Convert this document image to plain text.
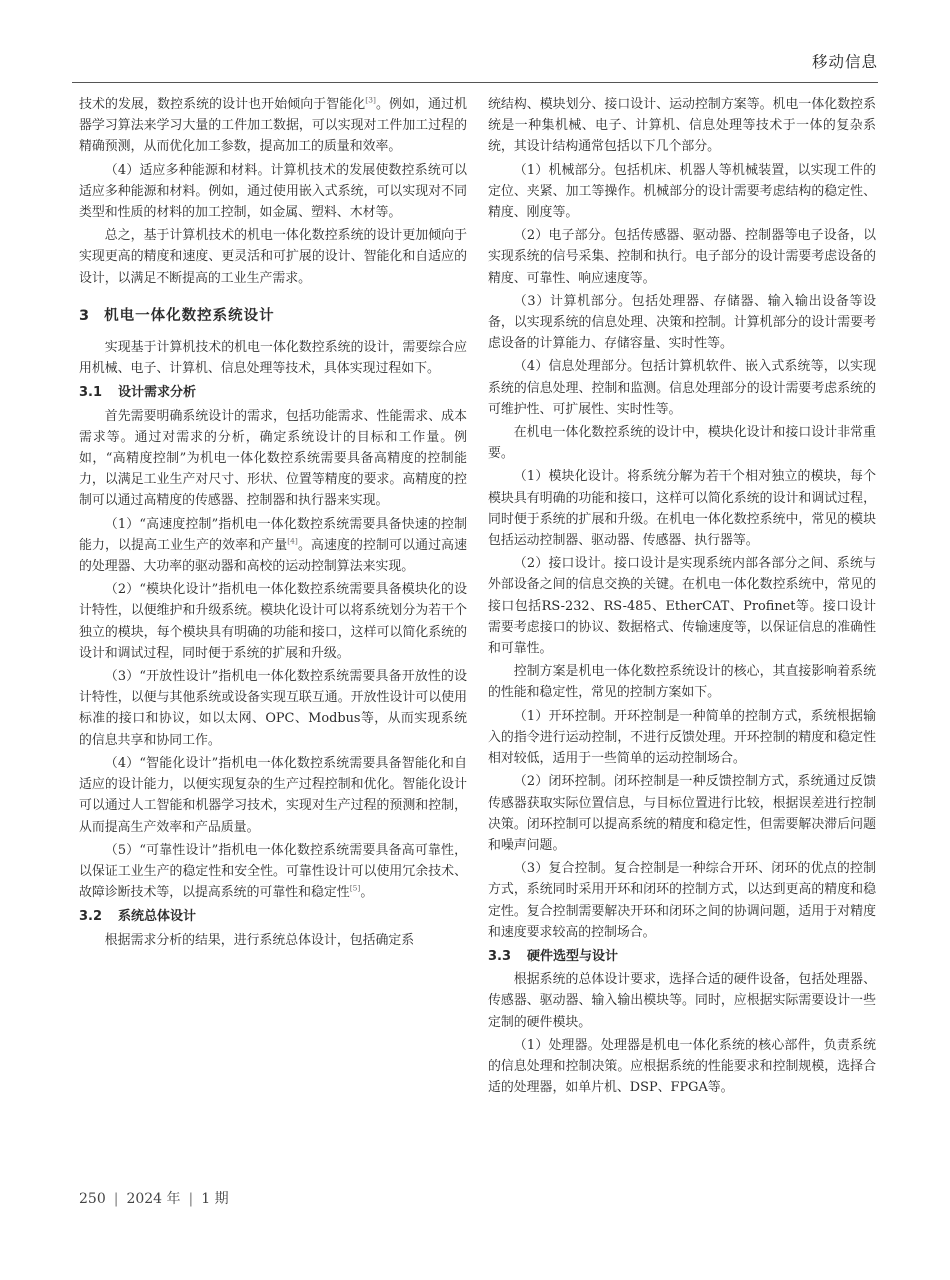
移动信息

技术的发展，数控系统的设计也开始倾向于智能化[3]。例如，通过机器学习算法来学习大量的工件加工数据，可以实现对工件加工过程的精确预测，从而优化加工参数，提高加工的质量和效率。

（4）适应多种能源和材料。计算机技术的发展使数控系统可以适应多种能源和材料。例如，通过使用嵌入式系统，可以实现对不同类型和性质的材料的加工控制，如金属、塑料、木材等。

总之，基于计算机技术的机电一体化数控系统的设计更加倾向于实现更高的精度和速度、更灵活和可扩展的设计、智能化和自适应的设计，以满足不断提高的工业生产需求。

3 机电一体化数控系统设计

实现基于计算机技术的机电一体化数控系统的设计，需要综合应用机械、电子、计算机、信息处理等技术，具体实现过程如下。

3.1 设计需求分析

首先需要明确系统设计的需求，包括功能需求、性能需求、成本需求等。通过对需求的分析，确定系统设计的目标和工作量。例如，“高精度控制”为机电一体化数控系统需要具备高精度的控制能力，以满足工业生产对尺寸、形状、位置等精度的要求。高精度的控制可以通过高精度的传感器、控制器和执行器来实现。

（1）“高速度控制”指机电一体化数控系统需要具备快速的控制能力，以提高工业生产的效率和产量[4]。高速度的控制可以通过高速的处理器、大功率的驱动器和高校的运动控制算法来实现。

（2）“模块化设计”指机电一体化数控系统需要具备模块化的设计特性，以便维护和升级系统。模块化设计可以将系统划分为若干个独立的模块，每个模块具有明确的功能和接口，这样可以简化系统的设计和调试过程，同时便于系统的扩展和升级。

（3）“开放性设计”指机电一体化数控系统需要具备开放性的设计特性，以便与其他系统或设备实现互联互通。开放性设计可以使用标准的接口和协议，如以太网、OPC、Modbus等，从而实现系统的信息共享和协同工作。

（4）“智能化设计”指机电一体化数控系统需要具备智能化和自适应的设计能力，以便实现复杂的生产过程控制和优化。智能化设计可以通过人工智能和机器学习技术，实现对生产过程的预测和控制，从而提高生产效率和产品质量。

（5）“可靠性设计”指机电一体化数控系统需要具备高可靠性，以保证工业生产的稳定性和安全性。可靠性设计可以使用冗余技术、故障诊断技术等，以提高系统的可靠性和稳定性[5]。

3.2 系统总体设计

根据需求分析的结果，进行系统总体设计，包括确定系

统结构、模块划分、接口设计、运动控制方案等。机电一体化数控系统是一种集机械、电子、计算机、信息处理等技术于一体的复杂系统，其设计结构通常包括以下几个部分。

（1）机械部分。包括机床、机器人等机械装置，以实现工件的定位、夹紧、加工等操作。机械部分的设计需要考虑结构的稳定性、精度、刚度等。

（2）电子部分。包括传感器、驱动器、控制器等电子设备，以实现系统的信号采集、控制和执行。电子部分的设计需要考虑设备的精度、可靠性、响应速度等。

（3）计算机部分。包括处理器、存储器、输入输出设备等设备，以实现系统的信息处理、决策和控制。计算机部分的设计需要考虑设备的计算能力、存储容量、实时性等。

（4）信息处理部分。包括计算机软件、嵌入式系统等，以实现系统的信息处理、控制和监测。信息处理部分的设计需要考虑系统的可维护性、可扩展性、实时性等。

在机电一体化数控系统的设计中，模块化设计和接口设计非常重要。

（1）模块化设计。将系统分解为若干个相对独立的模块，每个模块具有明确的功能和接口，这样可以简化系统的设计和调试过程，同时便于系统的扩展和升级。在机电一体化数控系统中，常见的模块包括运动控制器、驱动器、传感器、执行器等。

（2）接口设计。接口设计是实现系统内部各部分之间、系统与外部设备之间的信息交换的关键。在机电一体化数控系统中，常见的接口包括RS-232、RS-485、EtherCAT、Profinet等。接口设计需要考虑接口的协议、数据格式、传输速度等，以保证信息的准确性和可靠性。

控制方案是机电一体化数控系统设计的核心，其直接影响着系统的性能和稳定性，常见的控制方案如下。

（1）开环控制。开环控制是一种简单的控制方式，系统根据输入的指令进行运动控制，不进行反馈处理。开环控制的精度和稳定性相对较低，适用于一些简单的运动控制场合。

（2）闭环控制。闭环控制是一种反馈控制方式，系统通过反馈传感器获取实际位置信息，与目标位置进行比较，根据误差进行控制决策。闭环控制可以提高系统的精度和稳定性，但需要解决滞后问题和噪声问题。

（3）复合控制。复合控制是一种综合开环、闭环的优点的控制方式，系统同时采用开环和闭环的控制方式，以达到更高的精度和稳定性。复合控制需要解决开环和闭环之间的协调问题，适用于对精度和速度要求较高的控制场合。

3.3 硬件选型与设计

根据系统的总体设计要求，选择合适的硬件设备，包括处理器、传感器、驱动器、输入输出模块等。同时，应根据实际需要设计一些定制的硬件模块。

（1）处理器。处理器是机电一体化系统的核心部件，负责系统的信息处理和控制决策。应根据系统的性能要求和控制规模，选择合适的处理器，如单片机、DSP、FPGA等。

250 | 2024 年 | 1 期
